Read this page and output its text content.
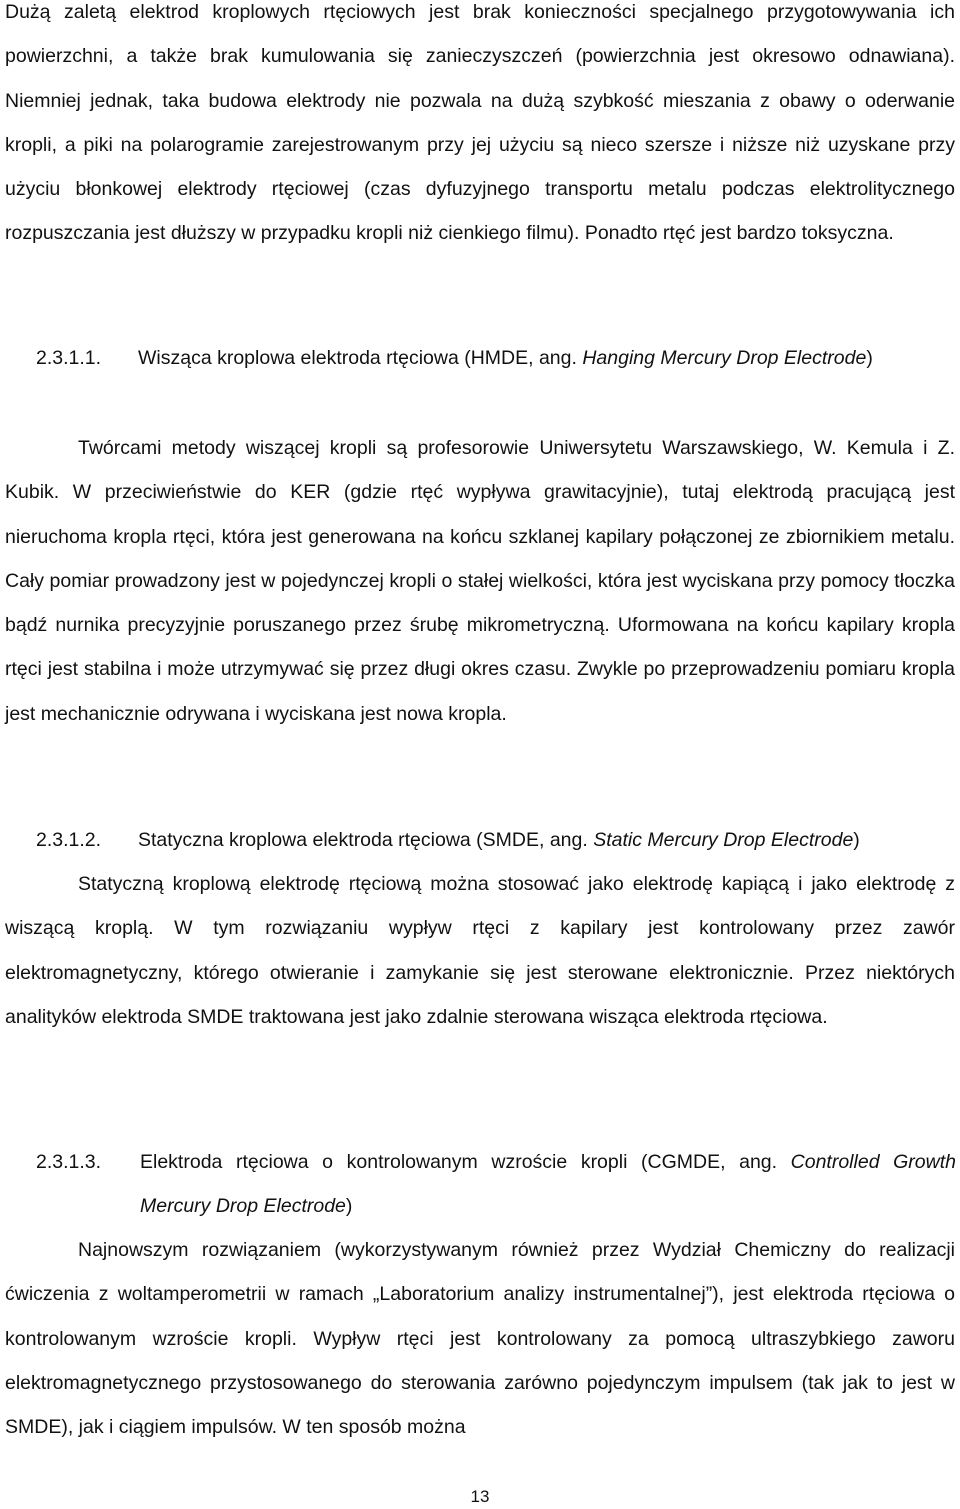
Dużą zaletą elektrod kroplowych rtęciowych jest brak konieczności specjalnego przygotowywania ich powierzchni, a także brak kumulowania się zanieczyszczeń (powierzchnia jest okresowo odnawiana). Niemniej jednak, taka budowa elektrody nie pozwala na dużą szybkość mieszania z obawy o oderwanie kropli, a piki na polarogramie zarejestrowanym przy jej użyciu są nieco szersze i niższe niż uzyskane przy użyciu błonkowej elektrody rtęciowej (czas dyfuzyjnego transportu metalu podczas elektrolitycznego rozpuszczania jest dłuższy w przypadku kropli niż cienkiego filmu). Ponadto rtęć jest bardzo toksyczna.

2.3.1.1. Wisząca kroplowa elektroda rtęciowa (HMDE, ang. Hanging Mercury Drop Electrode)

Twórcami metody wiszącej kropli są profesorowie Uniwersytetu Warszawskiego, W. Kemula i Z. Kubik. W przeciwieństwie do KER (gdzie rtęć wypływa grawitacyjnie), tutaj elektrodą pracującą jest nieruchoma kropla rtęci, która jest generowana na końcu szklanej kapilary połączonej ze zbiornikiem metalu. Cały pomiar prowadzony jest w pojedynczej kropli o stałej wielkości, która jest wyciskana przy pomocy tłoczka bądź nurnika precyzyjnie poruszanego przez śrubę mikrometryczną. Uformowana na końcu kapilary kropla rtęci jest stabilna i może utrzymywać się przez długi okres czasu. Zwykle po przeprowadzeniu pomiaru kropla jest mechanicznie odrywana i wyciskana jest nowa kropla.

2.3.1.2. Statyczna kroplowa elektroda rtęciowa (SMDE, ang. Static Mercury Drop Electrode)

Statyczną kroplową elektrodę rtęciową można stosować jako elektrodę kapiącą i jako elektrodę z wiszącą kroplą. W tym rozwiązaniu wypływ rtęci z kapilary jest kontrolowany przez zawór elektromagnetyczny, którego otwieranie i zamykanie się jest sterowane elektronicznie. Przez niektórych analityków elektroda SMDE traktowana jest jako zdalnie sterowana wisząca elektroda rtęciowa.

2.3.1.3. Elektroda rtęciowa o kontrolowanym wzroście kropli (CGMDE, ang. Controlled Growth Mercury Drop Electrode)

Najnowszym rozwiązaniem (wykorzystywanym również przez Wydział Chemiczny do realizacji ćwiczenia z woltamperometrii w ramach „Laboratorium analizy instrumentalnej”), jest elektroda rtęciowa o kontrolowanym wzroście kropli. Wypływ rtęci jest kontrolowany za pomocą ultraszybkiego zaworu elektromagnetycznego przystosowanego do sterowania zarówno pojedynczym impulsem (tak jak to jest w SMDE), jak i ciągiem impulsów. W ten sposób można

13
